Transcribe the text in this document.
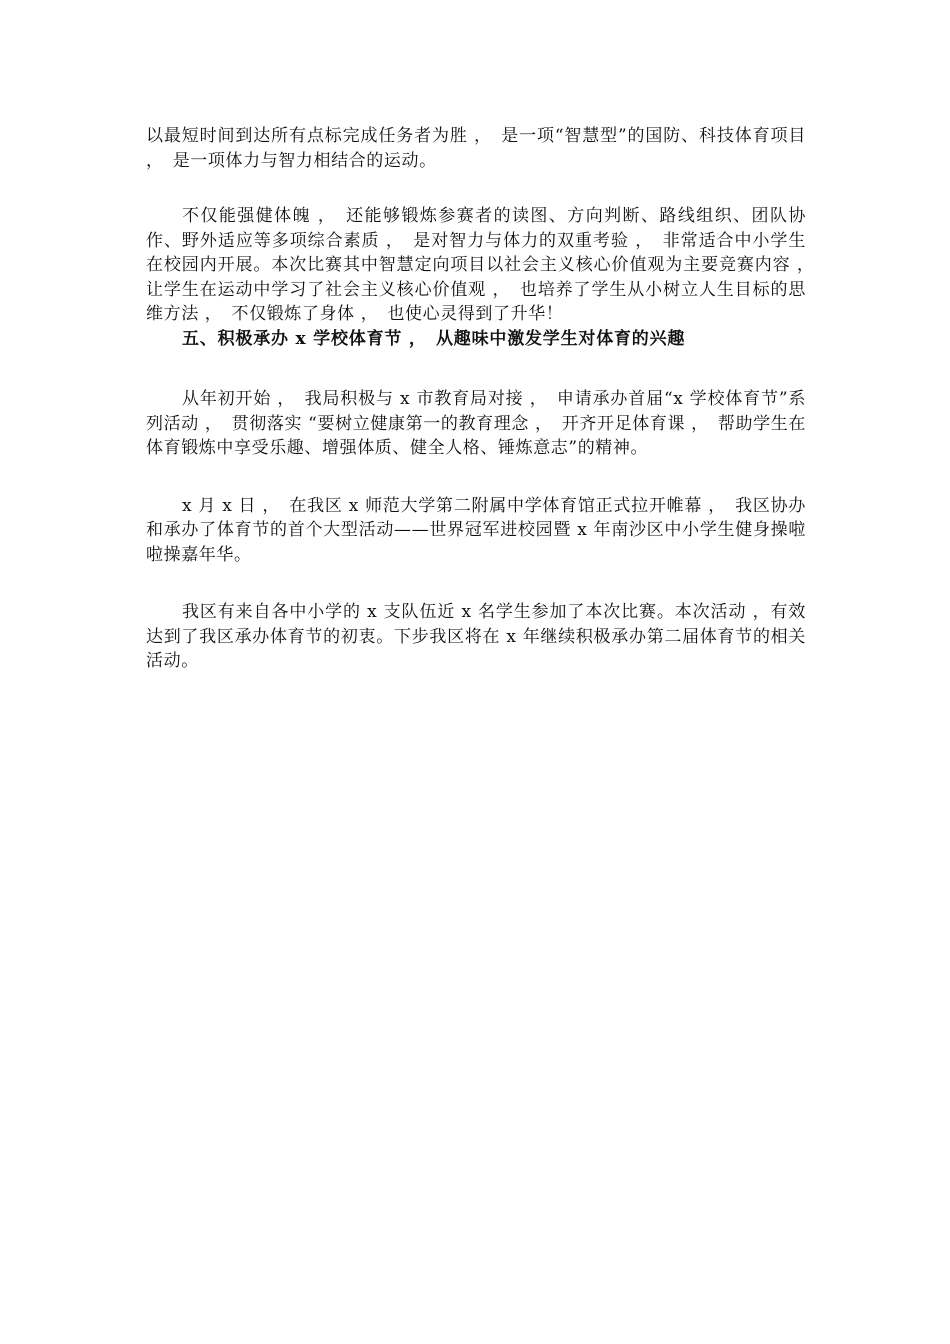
以最短时间到达所有点标完成任务者为胜 ，　是一项“智慧型”的国防、科技体育项目 ，　是一项体力与智力相结合的运动。

不仅能强健体魄 ，　还能够锻炼参赛者的读图、方向判断、路线组织、团队协作、野外适应等多项综合素质 ，　是对智力与体力的双重考验 ，　非常适合中小学生在校园内开展。本次比赛其中智慧定向项目以社会主义核心价值观为主要竞赛内容 ，　让学生在运动中学习了社会主义核心价值观 ，　也培养了学生从小树立人生目标的思维方法 ，　不仅锻炼了身体 ，　也使心灵得到了升华！

五、积极承办 x 学校体育节 ，　从趣味中激发学生对体育的兴趣

从年初开始 ，　我局积极与 x 市教育局对接 ，　申请承办首届“x 学校体育节”系列活动 ，　贯彻落实 “要树立健康第一的教育理念 ，　开齐开足体育课 ，　帮助学生在体育锻炼中享受乐趣、增强体质、健全人格、锤炼意志”的精神。

x 月 x 日 ，　在我区 x 师范大学第二附属中学体育馆正式拉开帷幕 ，　我区协办和承办了体育节的首个大型活动——世界冠军进校园暨 x 年南沙区中小学生健身操啦啦操嘉年华。

我区有来自各中小学的 x 支队伍近 x 名学生参加了本次比赛。本次活动 ，有效达到了我区承办体育节的初衷。下步我区将在 x 年继续积极承办第二届体育节的相关活动。
